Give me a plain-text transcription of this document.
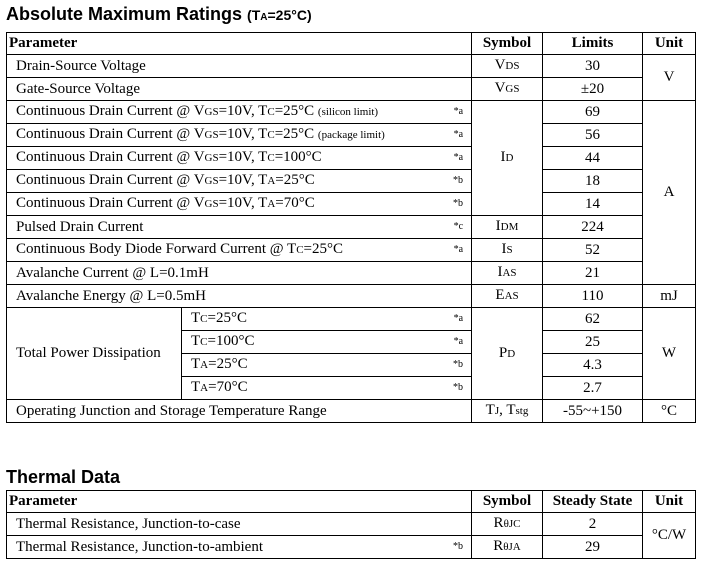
Absolute Maximum Ratings (TA=25°C)
Parameter		Symbol	Limits	Unit
Drain-Source Voltage		VDS	30	V
Gate-Source Voltage		VGS	±20	
Continuous Drain Current @ VGS=10V, TC=25°C (silicon limit) *a		ID	69	A
Continuous Drain Current @ VGS=10V, TC=25°C (package limit) *a			56	
Continuous Drain Current @ VGS=10V, TC=100°C *a			44	
Continuous Drain Current @ VGS=10V, TA=25°C *b			18	
Continuous Drain Current @ VGS=10V, TA=70°C *b			14	
Pulsed Drain Current *c		IDM	224	
Continuous Body Diode Forward Current @ TC=25°C *a		IS	52	
Avalanche Current @ L=0.1mH		IAS	21	
Avalanche Energy @ L=0.5mH		EAS	110	mJ
Total Power Dissipation	TC=25°C *a	PD	62	W
	TC=100°C *a		25	
	TA=25°C *b		4.3	
	TA=70°C *b		2.7	
Operating Junction and Storage Temperature Range		TJ, Tstg	-55~+150	°C
Thermal Data
Parameter	Symbol	Steady State	Unit
Thermal Resistance, Junction-to-case	RθJC	2	°C/W
Thermal Resistance, Junction-to-ambient *b	RθJA	29	
